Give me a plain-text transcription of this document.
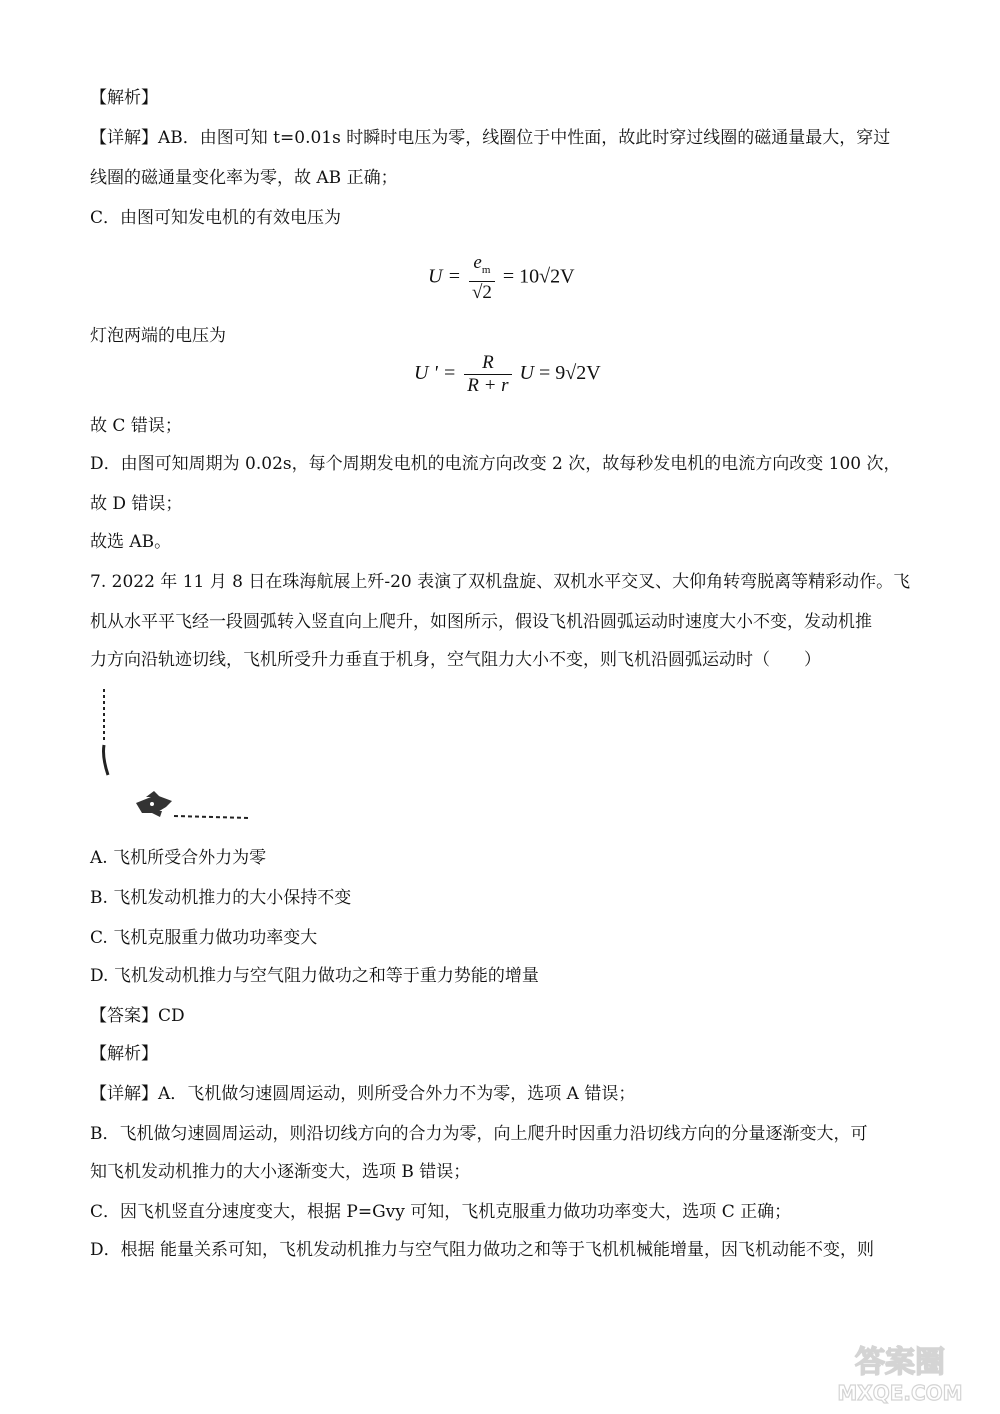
【解析】
【详解】AB．由图可知 t=0.01s 时瞬时电压为零，线圈位于中性面，故此时穿过线圈的磁通量最大，穿过
线圈的磁通量变化率为零，故 AB 正确；
C．由图可知发电机的有效电压为
$U = \frac{e_m}{√2} = 10√2V$
灯泡两端的电压为
U ' = $\frac{R}{R + r}$ U = 9√2V
故 C 错误；
D．由图可知周期为 0.02s，每个周期发电机的电流方向改变 2 次，故每秒发电机的电流方向改变 100 次，
故 D 错误；
故选 AB。
7. 2022 年 11 月 8 日在珠海航展上歼-20 表演了双机盘旋、双机水平交叉、大仰角转弯脱离等精彩动作。飞
机从水平平飞经一段圆弧转入竖直向上爬升，如图所示，假设飞机沿圆弧运动时速度大小不变，发动机推
力方向沿轨迹切线，飞机所受升力垂直于机身，空气阻力大小不变，则飞机沿圆弧运动时（　　）
A. 飞机所受合外力为零
B. 飞机发动机推力的大小保持不变
C. 飞机克服重力做功功率变大
D. 飞机发动机推力与空气阻力做功之和等于重力势能的增量
【答案】CD
【解析】
【详解】A．飞机做匀速圆周运动，则所受合外力不为零，选项 A 错误；
B．飞机做匀速圆周运动，则沿切线方向的合力为零，向上爬升时因重力沿切线方向的分量逐渐变大，可
知飞机发动机推力的大小逐渐变大，选项 B 错误；
C．因飞机竖直分速度变大，根据 P=Gvy 可知，飞机克服重力做功功率变大，选项 C 正确；
D．根据 能量关系可知，飞机发动机推力与空气阻力做功之和等于飞机机械能增量，因飞机动能不变，则
答案圈
MXQE.COM
